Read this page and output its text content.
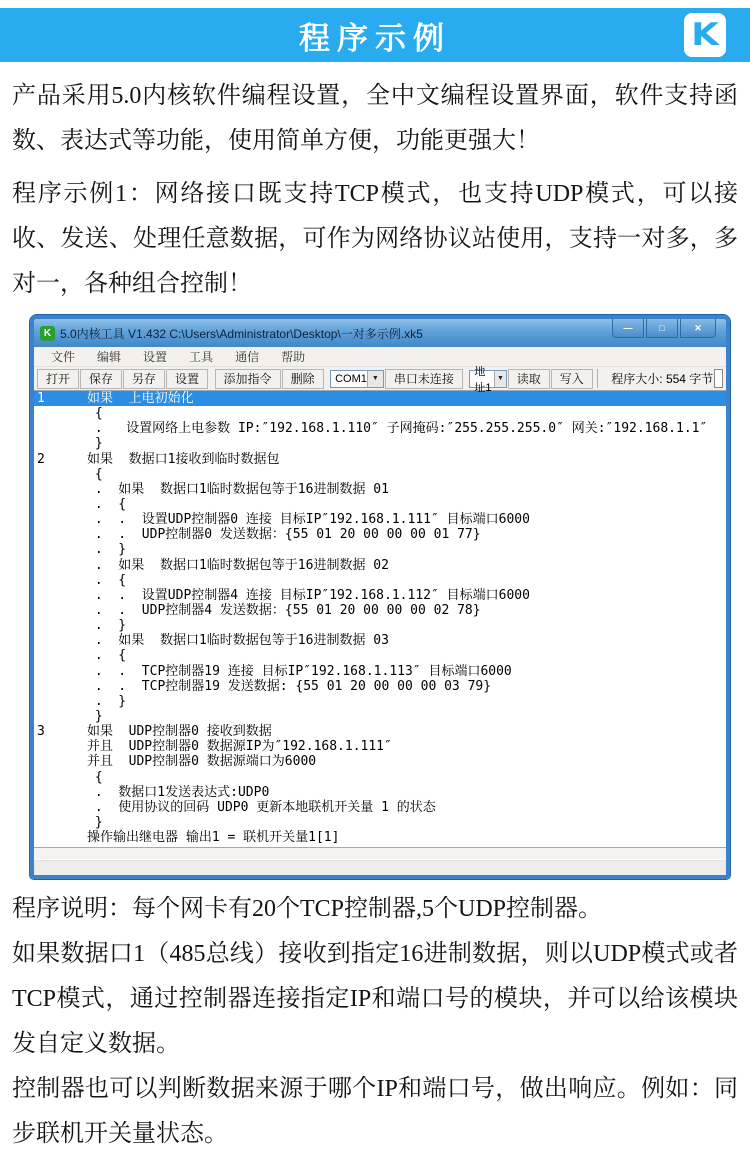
程序示例	K

产品采用5.0内核软件编程设置，全中文编程设置界面，软件支持函数、表达式等功能，使用简单方便，功能更强大！

程序示例1：网络接口既支持TCP模式，也支持UDP模式，可以接收、发送、处理任意数据，可作为网络协议站使用，支持一对多，多对一，各种组合控制！

K 5.0内核工具 V1.432 C:\Users\Administrator\Desktop\一对多示例.xk5	—	□	✕
文件	编辑	设置	工具	通信	帮助
打开	保存	另存	设置	添加指令	删除	COM1 ▼	串口未连接
地址1
▼	读取	写入	程序大小: 554 字节
1	如果  上电初始化
{
.   设置网络上电参数 IP:″192.168.1.110″ 子网掩码:″255.255.255.0″ 网关:″192.168.1.1″
}
2	如果  数据口1接收到临时数据包
{
.  如果  数据口1临时数据包等于16进制数据 01
.  {
.  .  设置UDP控制器0 连接 目标IP″192.168.1.111″ 目标端口6000
.  .  UDP控制器0 发送数据：{55 01 20 00 00 00 01 77}
.  }
.  如果  数据口1临时数据包等于16进制数据 02
.  {
.  .  设置UDP控制器4 连接 目标IP″192.168.1.112″ 目标端口6000
.  .  UDP控制器4 发送数据：{55 01 20 00 00 00 02 78}
.  }
.  如果  数据口1临时数据包等于16进制数据 03
.  {
.  .  TCP控制器19 连接 目标IP″192.168.1.113″ 目标端口6000
.  .  TCP控制器19 发送数据: {55 01 20 00 00 00 03 79}
.  }
}
3	如果  UDP控制器0 接收到数据
并且  UDP控制器0 数据源IP为″192.168.1.111″
并且  UDP控制器0 数据源端口为6000
{
.  数据口1发送表达式:UDP0
.  使用协议的回码 UDP0 更新本地联机开关量 1 的状态
}
操作输出继电器 输出1 = 联机开关量1[1]

程序说明：每个网卡有20个TCP控制器,5个UDP控制器。

如果数据口1（485总线）接收到指定16进制数据，则以UDP模式或者TCP模式，通过控制器连接指定IP和端口号的模块，并可以给该模块发自定义数据。

控制器也可以判断数据来源于哪个IP和端口号，做出响应。例如：同步联机开关量状态。
